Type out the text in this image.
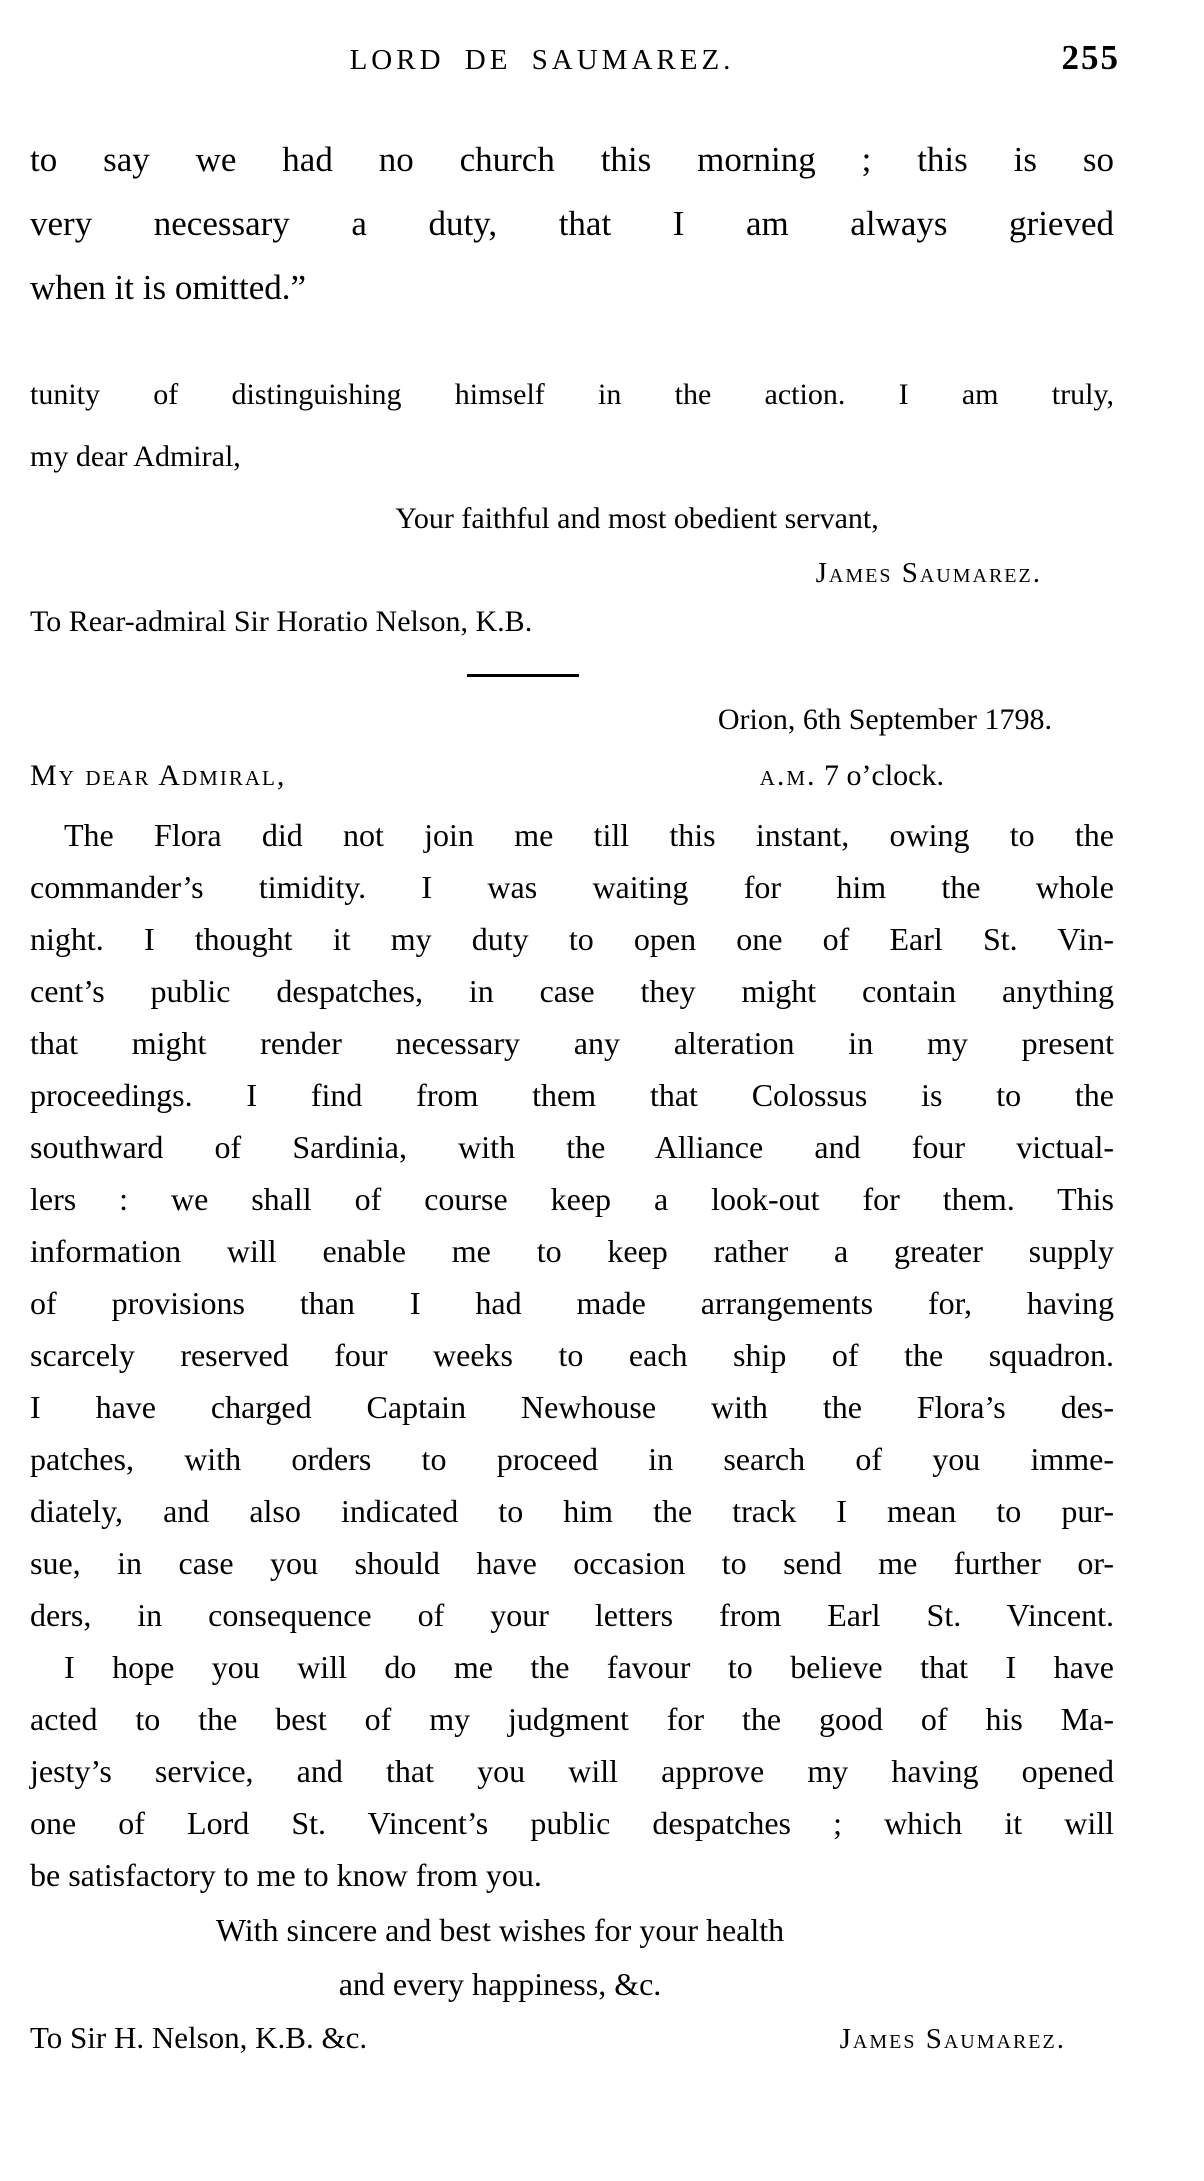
LORD DE SAUMAREZ.	255
to say we had no church this morning ; this is so
very necessary a duty, that I am always grieved
when it is omitted.”
tunity of distinguishing himself in the action. I am truly,
my dear Admiral,
Your faithful and most obedient servant,
James Saumarez.
To Rear-admiral Sir Horatio Nelson, K.B.
Orion, 6th September 1798.
My dear Admiral,	a.m. 7 o’clock.
The Flora did not join me till this instant, owing to the
commander’s timidity. I was waiting for him the whole
night. I thought it my duty to open one of Earl St. Vin-
cent’s public despatches, in case they might contain anything
that might render necessary any alteration in my present
proceedings. I find from them that Colossus is to the
southward of Sardinia, with the Alliance and four victual-
lers : we shall of course keep a look-out for them. This
information will enable me to keep rather a greater supply
of provisions than I had made arrangements for, having
scarcely reserved four weeks to each ship of the squadron.
I have charged Captain Newhouse with the Flora’s des-
patches, with orders to proceed in search of you imme-
diately, and also indicated to him the track I mean to pur-
sue, in case you should have occasion to send me further or-
ders, in consequence of your letters from Earl St. Vincent.
I hope you will do me the favour to believe that I have
acted to the best of my judgment for the good of his Ma-
jesty’s service, and that you will approve my having opened
one of Lord St. Vincent’s public despatches ; which it will
be satisfactory to me to know from you.
With sincere and best wishes for your health
and every happiness, &c.
To Sir H. Nelson, K.B. &c.	James Saumarez.
